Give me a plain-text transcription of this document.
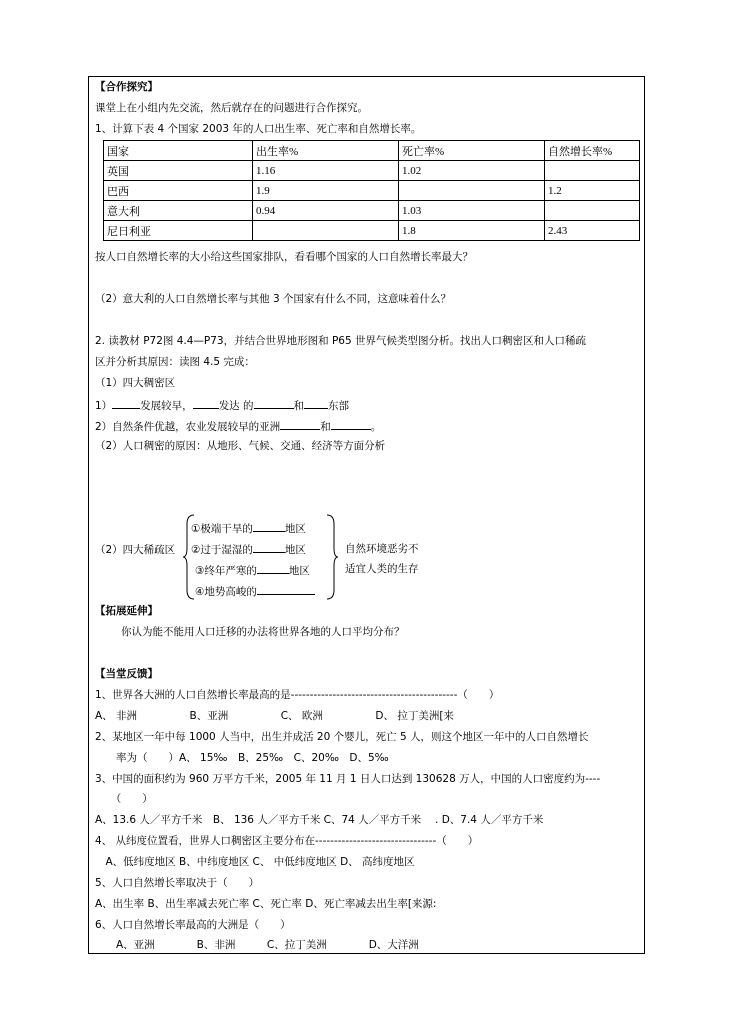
【合作探究】
课堂上在小组内先交流，然后就存在的问题进行合作探究。
1、计算下表 4 个国家 2003 年的人口出生率、死亡率和自然增长率。
国家	出生率%	死亡率%	自然增长率%
英国	1.16	1.02	
巴西	1.9		1.2
意大利	0.94	1.03	
尼日利亚		1.8	2.43
按人口自然增长率的大小给这些国家排队，看看哪个国家的人口自然增长率最大？
（2）意大利的人口自然增长率与其他 3 个国家有什么不同，这意味着什么？
2. 读教材 P72图 4.4—P73，并结合世界地形图和 P65 世界气候类型图分析。找出人口稠密区和人口稀疏
区并分析其原因：读图 4.5 完成：
（1）四大稠密区
1）	发展较早， 发达 的	和 东部
2）自然条件优越，农业发展较早的亚洲	和	。
（2）人口稠密的原因：从地形、气候、交通、经济等方面分析
（2）四大稀疏区
①极端干旱的	地区
②过于湿湿的	地区
③终年严寒的	地区
④地势高峻的
自然环境恶劣不
适宜人类的生存
【拓展延伸】
你认为能不能用人口迁移的办法将世界各地的人口平均分布？
【当堂反馈】
1、世界各大洲的人口自然增长率最高的是--------------------------------------------（　　）
A、 非洲　　　　　B、亚洲　　　　　C、 欧洲　　　　　D、 拉丁美洲[来
2、某地区一年中每 1000 人当中，出生并成活 20 个婴儿，死亡 5 人，则这个地区一年中的人口自然增长
　　率为（　　）A、 15‰　B、25‰　C、20‰　D、5‰
3、中国的面积约为 960 万平方千米，2005 年 11 月 1 日人口达到 130628 万人，中国的人口密度约为----
　　（　　）
A、13.6 人／平方千米　B、 136 人／平方千米 C、74 人／平方千米　 . D、7.4 人／平方千米
4、 从纬度位置看，世界人口稠密区主要分布在--------------------------------（　　）
　A、低纬度地区 B、中纬度地区 C、 中低纬度地区 D、 高纬度地区
5、人口自然增长率取决于（　　）
A、出生率 B、出生率减去死亡率 C、死亡率 D、死亡率减去出生率[来源:
6、人口自然增长率最高的大洲是（　　）
　　A、亚洲　　　　B、非洲　　　C、拉丁美洲　　　　D、大洋洲
